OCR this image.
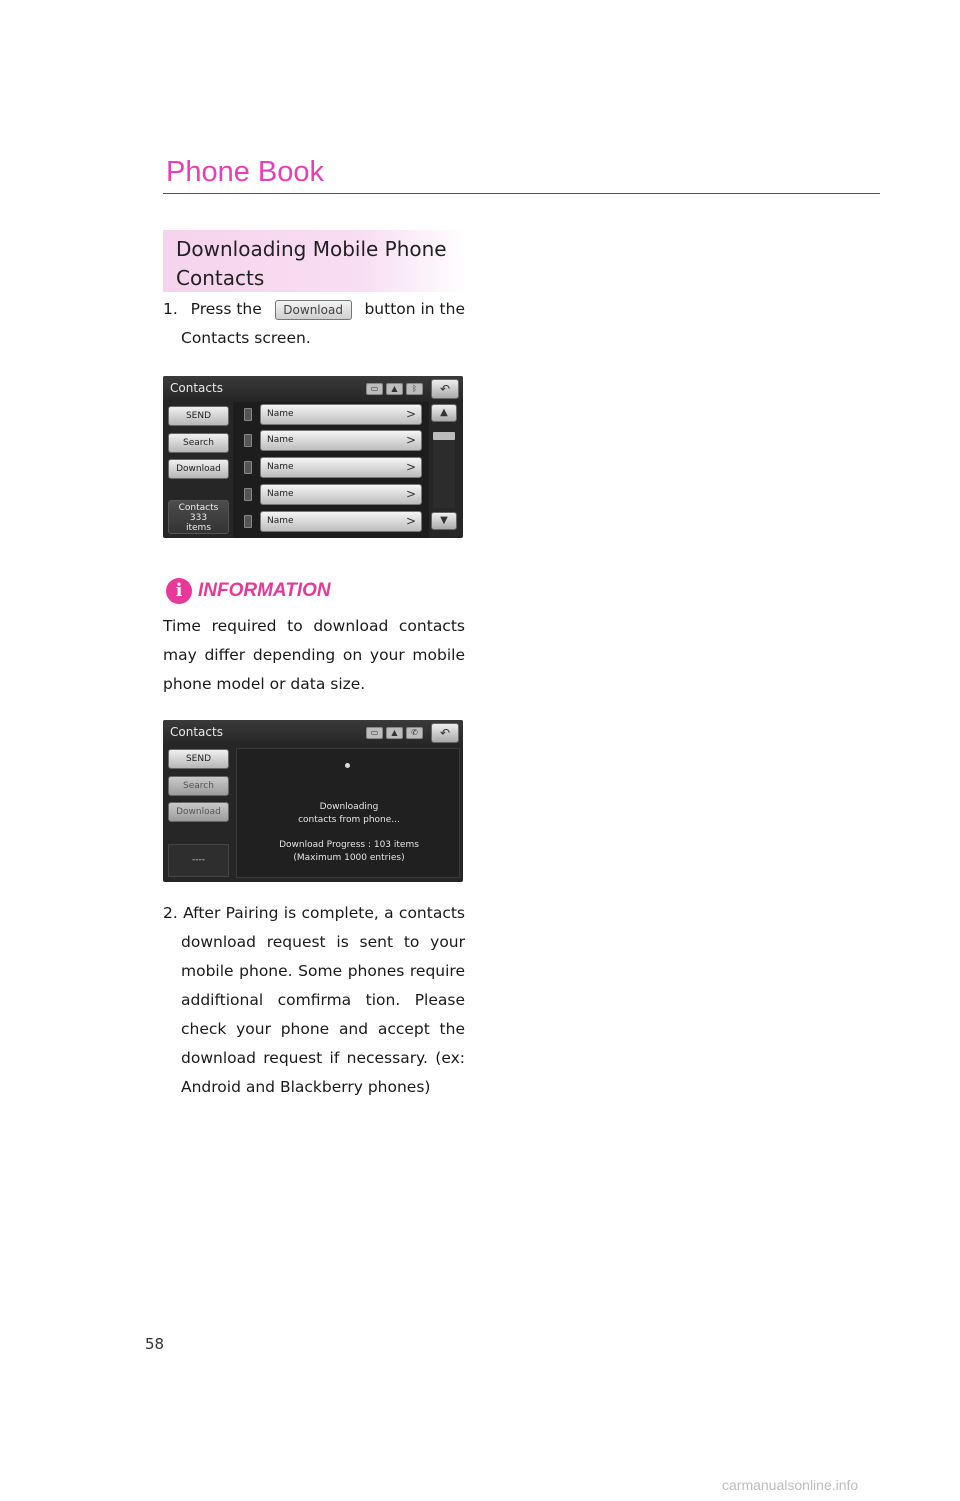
Phone Book
Downloading Mobile Phone Contacts
1. Press the	Download	button in the
Contacts screen.
Contacts	▭	▲	ᛒ	↶
SEND
Search
Download
Contacts
333
items
Name	>
Name	>
Name	>
Name	>
Name	>
▲
▼
i INFORMATION
Time required to download contacts
may differ depending on your mobile
phone model or data size.
Contacts	▭	▲	✆	↶
SEND
Search
Download
----
Downloading
contacts from phone...
Download Progress : 103 items
(Maximum 1000 entries)
2. After Pairing is complete, a contacts
download request is sent to your
mobile phone. Some phones require
addiftional comfirma tion. Please
check your phone and accept the
download request if necessary. (ex:
Android and Blackberry phones)
58
carmanualsonline.info
